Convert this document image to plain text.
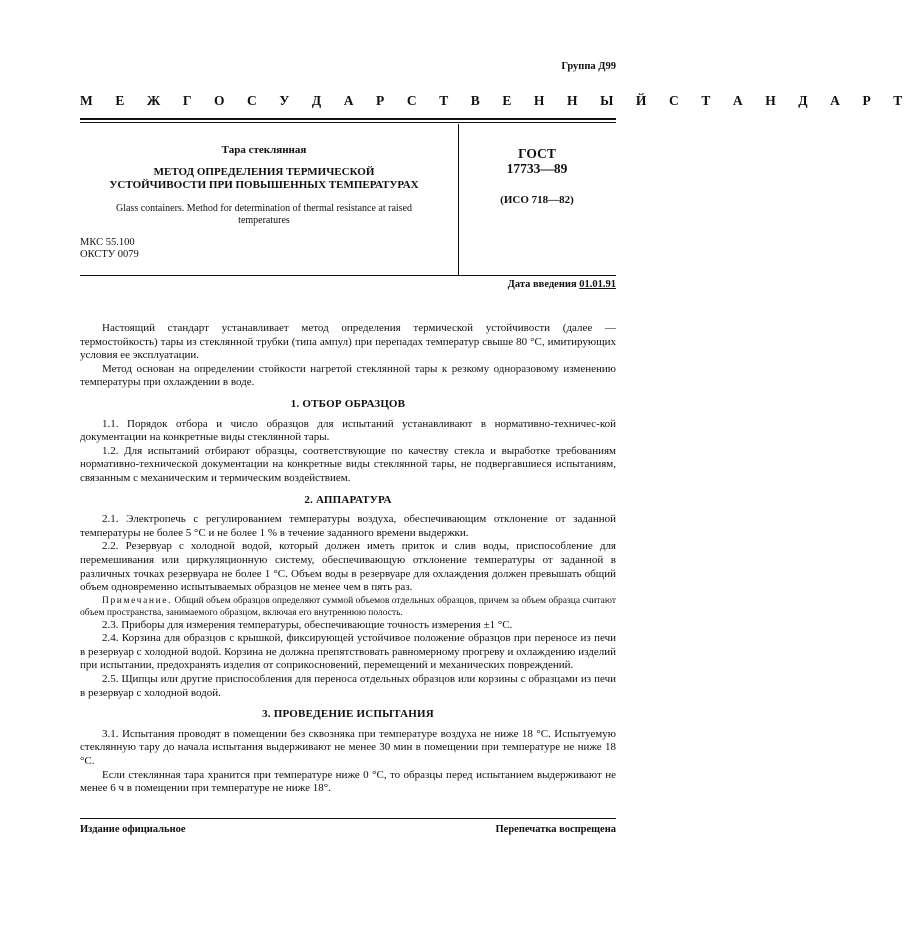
Группа Д99
М Е Ж Г О С У Д А Р С Т В Е Н Н Ы Й С Т А Н Д А Р Т
Тара стеклянная
МЕТОД ОПРЕДЕЛЕНИЯ ТЕРМИЧЕСКОЙ
УСТОЙЧИВОСТИ ПРИ ПОВЫШЕННЫХ ТЕМПЕРАТУРАХ
Glass containers. Method for determination of thermal resistance at raised temperatures
МКС 55.100
ОКСТУ 0079
ГОСТ
17733—89
(ИСО 718—82)
Дата введения 01.01.91

Настоящий стандарт устанавливает метод определения термической устойчивости (далее — термостойкость) тары из стеклянной трубки (типа ампул) при перепадах температур свыше 80 °С, имитирующих условия ее эксплуатации.

Метод основан на определении стойкости нагретой стеклянной тары к резкому одноразовому изменению температуры при охлаждении в воде.

1. ОТБОР ОБРАЗЦОВ

1.1. Порядок отбора и число образцов для испытаний устанавливают в нормативно-техничес-кой документации на конкретные виды стеклянной тары.

1.2. Для испытаний отбирают образцы, соответствующие по качеству стекла и выработке требованиям нормативно-технической документации на конкретные виды стеклянной тары, не подвергавшиеся испытаниям, связанным с механическим и термическим воздействием.

2. АППАРАТУРА

2.1. Электропечь с регулированием температуры воздуха, обеспечивающим отклонение от заданной температуры не более 5 °С и не более 1 % в течение заданного времени выдержки.

2.2. Резервуар с холодной водой, который должен иметь приток и слив воды, приспособление для перемешивания или циркуляционную систему, обеспечивающую отклонение температуры от заданной в различных точках резервуара не более 1 °С. Объем воды в резервуаре для охлаждения должен превышать общий объем одновременно испытываемых образцов не менее чем в пять раз.

Примечание. Общий объем образцов определяют суммой объемов отдельных образцов, причем за объем образца считают объем пространства, занимаемого образцом, включая его внутреннюю полость.

2.3. Приборы для измерения температуры, обеспечивающие точность измерения ±1 °С.

2.4. Корзина для образцов с крышкой, фиксирующей устойчивое положение образцов при переносе из печи в резервуар с холодной водой. Корзина не должна препятствовать равномерному прогреву и охлаждению изделий при испытании, предохранять изделия от соприкосновений, перемещений и механических повреждений.

2.5. Щипцы или другие приспособления для переноса отдельных образцов или корзины с образцами из печи в резервуар с холодной водой.

3. ПРОВЕДЕНИЕ ИСПЫТАНИЯ

3.1. Испытания проводят в помещении без сквозняка при температуре воздуха не ниже 18 °С. Испытуемую стеклянную тару до начала испытания выдерживают не менее 30 мин в помещении при температуре не ниже 18 °С.

Если стеклянная тара хранится при температуре ниже 0 °С, то образцы перед испытанием выдерживают не менее 6 ч в помещении при температуре не ниже 18°.

Издание официальное	Перепечатка воспрещена
